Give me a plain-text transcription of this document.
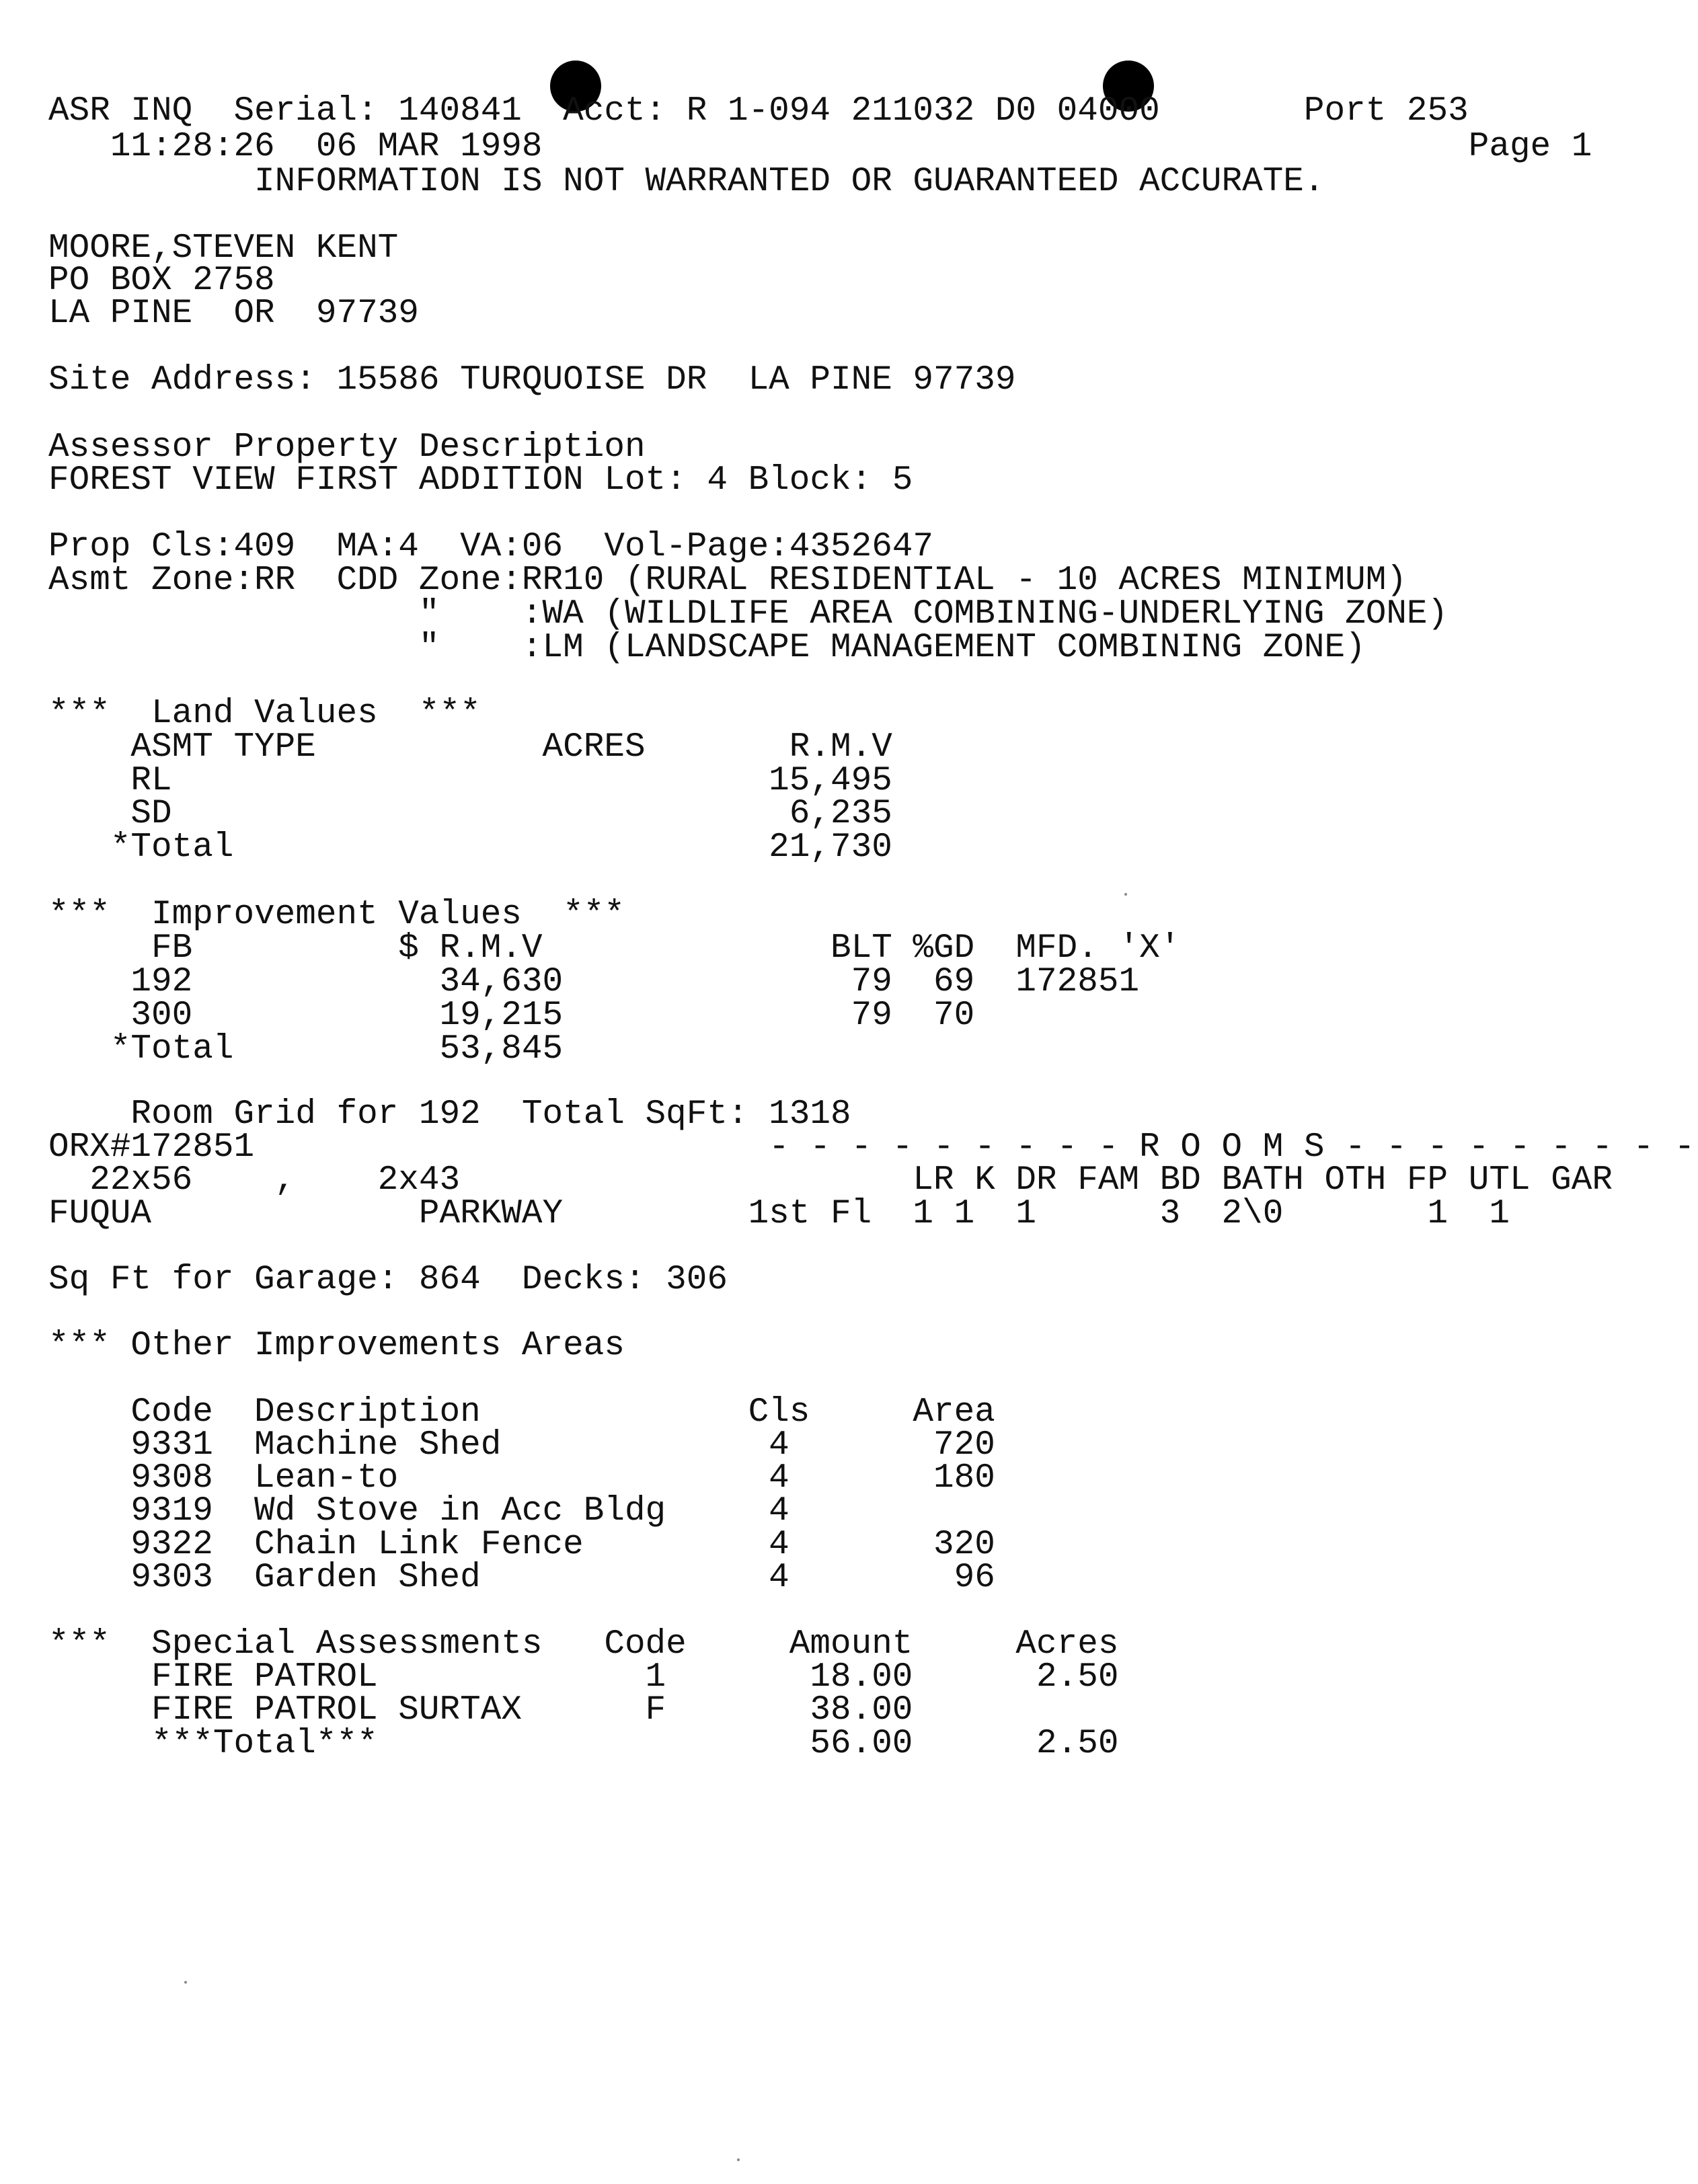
ASR INQ  Serial: 140841  Acct: R 1-094 211032 D0 04000       Port 253
11:28:26  06 MAR 1998                                             Page 1
INFORMATION IS NOT WARRANTED OR GUARANTEED ACCURATE.
MOORE,STEVEN KENT
PO BOX 2758
LA PINE  OR  97739
Site Address: 15586 TURQUOISE DR  LA PINE 97739
Assessor Property Description
FOREST VIEW FIRST ADDITION Lot: 4 Block: 5
Prop Cls:409  MA:4  VA:06  Vol-Page:4352647
Asmt Zone:RR  CDD Zone:RR10 (RURAL RESIDENTIAL - 10 ACRES MINIMUM)
"    :WA (WILDLIFE AREA COMBINING-UNDERLYING ZONE)
"    :LM (LANDSCAPE MANAGEMENT COMBINING ZONE)
***  Land Values  ***
ASMT TYPE           ACRES       R.M.V
RL                             15,495
SD                              6,235
*Total                          21,730
***  Improvement Values  ***
FB          $ R.M.V              BLT %GD  MFD. 'X'
192            34,630              79  69  172851
300            19,215              79  70
*Total          53,845
Room Grid for 192  Total SqFt: 1318
ORX#172851                         - - - - - - - - - R O O M S - - - - - - - - -
22x56    ,    2x43                      LR K DR FAM BD BATH OTH FP UTL GAR
FUQUA             PARKWAY         1st Fl  1 1  1      3  2\0       1  1
Sq Ft for Garage: 864  Decks: 306
*** Other Improvements Areas
Code  Description             Cls     Area
9331  Machine Shed             4       720
9308  Lean-to                  4       180
9319  Wd Stove in Acc Bldg     4
9322  Chain Link Fence         4       320
9303  Garden Shed              4        96
***  Special Assessments   Code     Amount     Acres
FIRE PATROL             1       18.00      2.50
FIRE PATROL SURTAX      F       38.00
***Total***                     56.00      2.50
